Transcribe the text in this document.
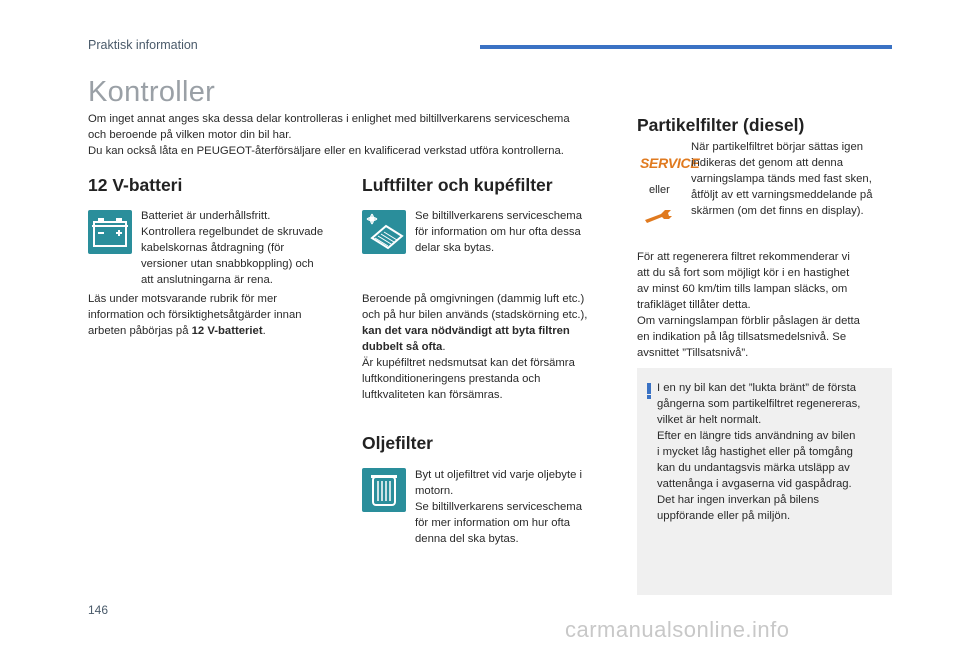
Praktisk information
Kontroller

Om inget annat anges ska dessa delar kontrolleras i enlighet med biltillverkarens serviceschema

och beroende på vilken motor din bil har.

Du kan också låta en PEUGEOT-återförsäljare eller en kvalificerad verkstad utföra kontrollerna.

12 V-batteri

Batteriet är underhållsfritt.

Kontrollera regelbundet de skruvade

kabelskornas åtdragning (för

versioner utan snabbkoppling) och

att anslutningarna är rena.

Läs under motsvarande rubrik för mer

information och försiktighetsåtgärder innan

arbeten påbörjas på 12 V-batteriet.

Luftfilter och kupéfilter

Se biltillverkarens serviceschema

för information om hur ofta dessa

delar ska bytas.

Beroende på omgivningen (dammig luft etc.)

och på hur bilen används (stadskörning etc.),

kan det vara nödvändigt att byta filtren

dubbelt så ofta.

Är kupéfiltret nedsmutsat kan det försämra

luftkonditioneringens prestanda och

luftkvaliteten kan försämras.

Oljefilter

Byt ut oljefiltret vid varje oljebyte i

motorn.

Se biltillverkarens serviceschema

för mer information om hur ofta

denna del ska bytas.

Partikelfilter (diesel)
SERVICE
eller

När partikelfiltret börjar sättas igen

indikeras det genom att denna

varningslampa tänds med fast sken,

åtföljt av ett varningsmeddelande på

skärmen (om det finns en display).

För att regenerera filtret rekommenderar vi

att du så fort som möjligt kör i en hastighet

av minst 60 km/tim tills lampan släcks, om

trafikläget tillåter detta.

Om varningslampan förblir påslagen är detta

en indikation på låg tillsatsmedelsnivå. Se

avsnittet ”Tillsatsnivå”.

I en ny bil kan det ”lukta bränt” de första

gångerna som partikelfiltret regenereras,

vilket är helt normalt.

Efter en längre tids användning av bilen

i mycket låg hastighet eller på tomgång

kan du undantagsvis märka utsläpp av

vattenånga i avgaserna vid gaspådrag.

Det har ingen inverkan på bilens

uppförande eller på miljön.

146
carmanualsonline.info
